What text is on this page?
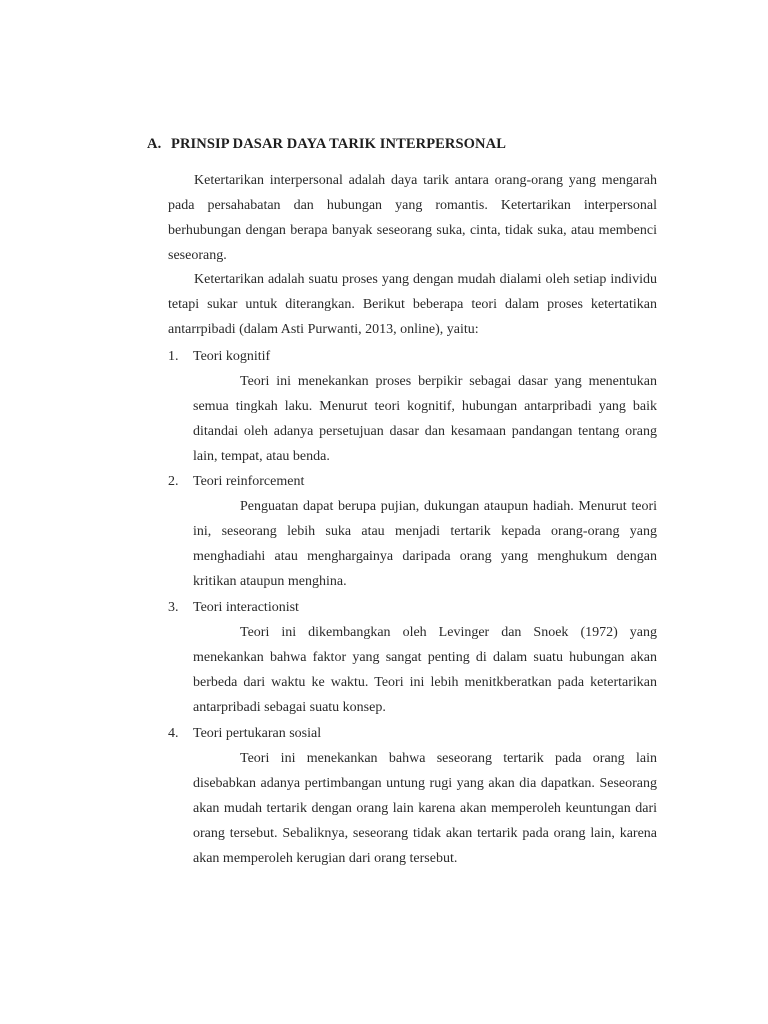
A. PRINSIP DASAR DAYA TARIK INTERPERSONAL

Ketertarikan interpersonal adalah daya tarik antara orang-orang yang mengarah pada persahabatan dan hubungan yang romantis. Ketertarikan interpersonal berhubungan dengan berapa banyak seseorang suka, cinta, tidak suka, atau membenci seseorang.

Ketertarikan adalah suatu proses yang dengan mudah dialami oleh setiap individu tetapi sukar untuk diterangkan. Berikut beberapa teori dalam proses ketertatikan antarrpibadi (dalam Asti Purwanti, 2013, online), yaitu:

1. Teori kognitif

Teori ini menekankan proses berpikir sebagai dasar yang menentukan semua tingkah laku. Menurut teori kognitif, hubungan antarpribadi yang baik ditandai oleh adanya persetujuan dasar dan kesamaan pandangan tentang orang lain, tempat, atau benda.

2. Teori reinforcement

Penguatan dapat berupa pujian, dukungan ataupun hadiah. Menurut teori ini, seseorang lebih suka atau menjadi tertarik kepada orang-orang yang menghadiahi atau menghargainya daripada orang yang menghukum dengan kritikan ataupun menghina.

3. Teori interactionist

Teori ini dikembangkan oleh Levinger dan Snoek (1972) yang menekankan bahwa faktor yang sangat penting di dalam suatu hubungan akan berbeda dari waktu ke waktu. Teori ini lebih menitkberatkan pada ketertarikan antarpribadi sebagai suatu konsep.

4. Teori pertukaran sosial

Teori ini menekankan bahwa seseorang tertarik pada orang lain disebabkan adanya pertimbangan untung rugi yang akan dia dapatkan. Seseorang akan mudah tertarik dengan orang lain karena akan memperoleh keuntungan dari orang tersebut. Sebaliknya, seseorang tidak akan tertarik pada orang lain, karena akan memperoleh kerugian dari orang tersebut.
